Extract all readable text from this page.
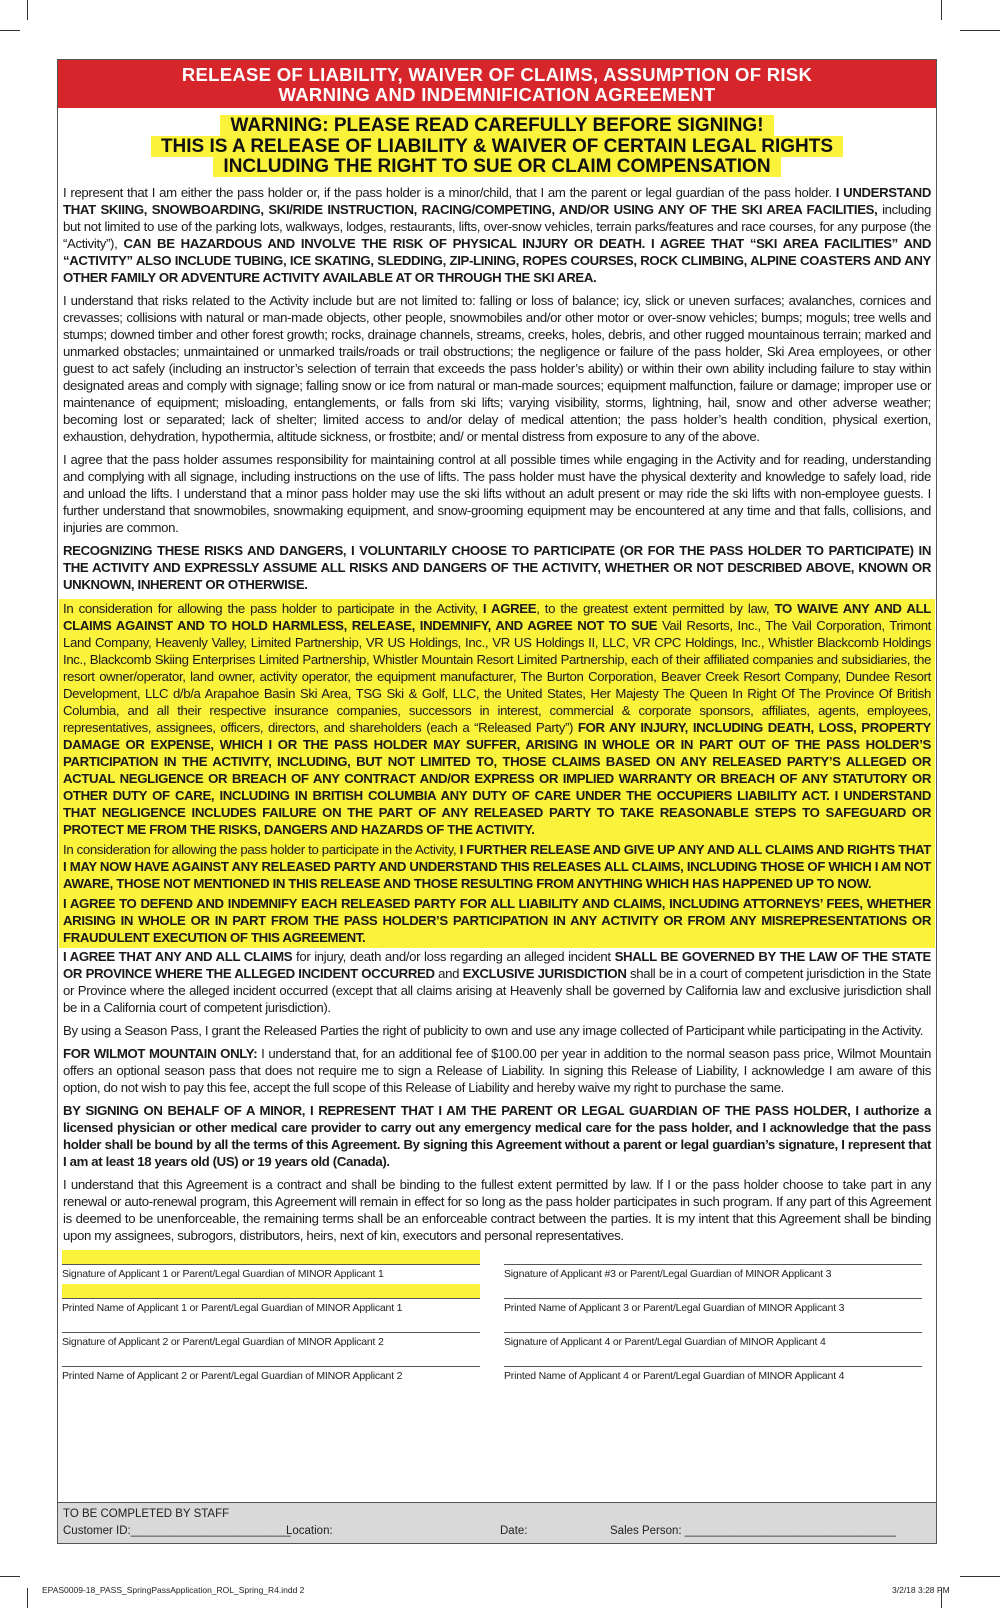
RELEASE OF LIABILITY, WAIVER OF CLAIMS, ASSUMPTION OF RISK
WARNING AND INDEMNIFICATION AGREEMENT
WARNING: PLEASE READ CAREFULLY BEFORE SIGNING!
THIS IS A RELEASE OF LIABILITY & WAIVER OF CERTAIN LEGAL RIGHTS
INCLUDING THE RIGHT TO SUE OR CLAIM COMPENSATION

I represent that I am either the pass holder or, if the pass holder is a minor/child, that I am the parent or legal guardian of the pass holder. I UNDERSTAND THAT SKIING, SNOWBOARDING, SKI/RIDE INSTRUCTION, RACING/COMPETING, AND/OR USING ANY OF THE SKI AREA FACILITIES, including but not limited to use of the parking lots, walkways, lodges, restaurants, lifts, over-snow vehicles, terrain parks/features and race courses, for any purpose (the “Activity”), CAN BE HAZARDOUS AND INVOLVE THE RISK OF PHYSICAL INJURY OR DEATH. I AGREE THAT “SKI AREA FACILITIES” AND “ACTIVITY” ALSO INCLUDE TUBING, ICE SKATING, SLEDDING, ZIP-LINING, ROPES COURSES, ROCK CLIMBING, ALPINE COASTERS AND ANY OTHER FAMILY OR ADVENTURE ACTIVITY AVAILABLE AT OR THROUGH THE SKI AREA.

I understand that risks related to the Activity include but are not limited to: falling or loss of balance; icy, slick or uneven surfaces; avalanches, cornices and crevasses; collisions with natural or man-made objects, other people, snowmobiles and/or other motor or over-snow vehicles; bumps; moguls; tree wells and stumps; downed timber and other forest growth; rocks, drainage channels, streams, creeks, holes, debris, and other rugged mountainous terrain; marked and unmarked obstacles; unmaintained or unmarked trails/roads or trail obstructions; the negligence or failure of the pass holder, Ski Area employees, or other guest to act safely (including an instructor’s selection of terrain that exceeds the pass holder’s ability) or within their own ability including failure to stay within designated areas and comply with signage; falling snow or ice from natural or man-made sources; equipment malfunction, failure or damage; improper use or maintenance of equipment; misloading, entanglements, or falls from ski lifts; varying visibility, storms, lightning, hail, snow and other adverse weather; becoming lost or separated; lack of shelter; limited access to and/or delay of medical attention; the pass holder’s health condition, physical exertion, exhaustion, dehydration, hypothermia, altitude sickness, or frostbite; and/ or mental distress from exposure to any of the above.

I agree that the pass holder assumes responsibility for maintaining control at all possible times while engaging in the Activity and for reading, understanding and complying with all signage, including instructions on the use of lifts. The pass holder must have the physical dexterity and knowledge to safely load, ride and unload the lifts. I understand that a minor pass holder may use the ski lifts without an adult present or may ride the ski lifts with non-employee guests. I further understand that snowmobiles, snowmaking equipment, and snow-grooming equipment may be encountered at any time and that falls, collisions, and injuries are common.

RECOGNIZING THESE RISKS AND DANGERS, I VOLUNTARILY CHOOSE TO PARTICIPATE (OR FOR THE PASS HOLDER TO PARTICIPATE) IN THE ACTIVITY AND EXPRESSLY ASSUME ALL RISKS AND DANGERS OF THE ACTIVITY, WHETHER OR NOT DESCRIBED ABOVE, KNOWN OR UNKNOWN, INHERENT OR OTHERWISE.

In consideration for allowing the pass holder to participate in the Activity, I AGREE, to the greatest extent permitted by law, TO WAIVE ANY AND ALL CLAIMS AGAINST AND TO HOLD HARMLESS, RELEASE, INDEMNIFY, AND AGREE NOT TO SUE Vail Resorts, Inc., The Vail Corporation, Trimont Land Company, Heavenly Valley, Limited Partnership, VR US Holdings, Inc., VR US Holdings II, LLC, VR CPC Holdings, Inc., Whistler Blackcomb Holdings Inc., Blackcomb Skiing Enterprises Limited Partnership, Whistler Mountain Resort Limited Partnership, each of their affiliated companies and subsidiaries, the resort owner/operator, land owner, activity operator, the equipment manufacturer, The Burton Corporation, Beaver Creek Resort Company, Dundee Resort Development, LLC d/b/a Arapahoe Basin Ski Area, TSG Ski & Golf, LLC, the United States, Her Majesty The Queen In Right Of The Province Of British Columbia, and all their respective insurance companies, successors in interest, commercial & corporate sponsors, affiliates, agents, employees, representatives, assignees, officers, directors, and shareholders (each a “Released Party”) FOR ANY INJURY, INCLUDING DEATH, LOSS, PROPERTY DAMAGE OR EXPENSE, WHICH I OR THE PASS HOLDER MAY SUFFER, ARISING IN WHOLE OR IN PART OUT OF THE PASS HOLDER’S PARTICIPATION IN THE ACTIVITY, INCLUDING, BUT NOT LIMITED TO, THOSE CLAIMS BASED ON ANY RELEASED PARTY’S ALLEGED OR ACTUAL NEGLIGENCE OR BREACH OF ANY CONTRACT AND/OR EXPRESS OR IMPLIED WARRANTY OR BREACH OF ANY STATUTORY OR OTHER DUTY OF CARE, INCLUDING IN BRITISH COLUMBIA ANY DUTY OF CARE UNDER THE OCCUPIERS LIABILITY ACT. I UNDERSTAND THAT NEGLIGENCE INCLUDES FAILURE ON THE PART OF ANY RELEASED PARTY TO TAKE REASONABLE STEPS TO SAFEGUARD OR PROTECT ME FROM THE RISKS, DANGERS AND HAZARDS OF THE ACTIVITY.

In consideration for allowing the pass holder to participate in the Activity, I FURTHER RELEASE AND GIVE UP ANY AND ALL CLAIMS AND RIGHTS THAT I MAY NOW HAVE AGAINST ANY RELEASED PARTY AND UNDERSTAND THIS RELEASES ALL CLAIMS, INCLUDING THOSE OF WHICH I AM NOT AWARE, THOSE NOT MENTIONED IN THIS RELEASE AND THOSE RESULTING FROM ANYTHING WHICH HAS HAPPENED UP TO NOW.

I AGREE TO DEFEND AND INDEMNIFY EACH RELEASED PARTY FOR ALL LIABILITY AND CLAIMS, INCLUDING ATTORNEYS’ FEES, WHETHER ARISING IN WHOLE OR IN PART FROM THE PASS HOLDER’S PARTICIPATION IN ANY ACTIVITY OR FROM ANY MISREPRESENTATIONS OR FRAUDULENT EXECUTION OF THIS AGREEMENT.

I AGREE THAT ANY AND ALL CLAIMS for injury, death and/or loss regarding an alleged incident SHALL BE GOVERNED BY THE LAW OF THE STATE OR PROVINCE WHERE THE ALLEGED INCIDENT OCCURRED and EXCLUSIVE JURISDICTION shall be in a court of competent jurisdiction in the State or Province where the alleged incident occurred (except that all claims arising at Heavenly shall be governed by California law and exclusive jurisdiction shall be in a California court of competent jurisdiction).

By using a Season Pass, I grant the Released Parties the right of publicity to own and use any image collected of Participant while participating in the Activity.

FOR WILMOT MOUNTAIN ONLY: I understand that, for an additional fee of $100.00 per year in addition to the normal season pass price, Wilmot Mountain offers an optional season pass that does not require me to sign a Release of Liability. In signing this Release of Liability, I acknowledge I am aware of this option, do not wish to pay this fee, accept the full scope of this Release of Liability and hereby waive my right to purchase the same.

BY SIGNING ON BEHALF OF A MINOR, I REPRESENT THAT I AM THE PARENT OR LEGAL GUARDIAN OF THE PASS HOLDER, I authorize a licensed physician or other medical care provider to carry out any emergency medical care for the pass holder, and I acknowledge that the pass holder shall be bound by all the terms of this Agreement. By signing this Agreement without a parent or legal guardian’s signature, I represent that I am at least 18 years old (US) or 19 years old (Canada).

I understand that this Agreement is a contract and shall be binding to the fullest extent permitted by law. If I or the pass holder choose to take part in any renewal or auto-renewal program, this Agreement will remain in effect for so long as the pass holder participates in such program. If any part of this Agreement is deemed to be unenforceable, the remaining terms shall be an enforceable contract between the parties. It is my intent that this Agreement shall be binding upon my assignees, subrogors, distributors, heirs, next of kin, executors and personal representatives.

Signature of Applicant 1 or Parent/Legal Guardian of MINOR Applicant 1
Printed Name of Applicant 1 or Parent/Legal Guardian of MINOR Applicant 1
Signature of Applicant 2 or Parent/Legal Guardian of MINOR Applicant 2
Printed Name of Applicant 2 or Parent/Legal Guardian of MINOR Applicant 2
Signature of Applicant #3 or Parent/Legal Guardian of MINOR Applicant 3
Printed Name of Applicant 3 or Parent/Legal Guardian of MINOR Applicant 3
Signature of Applicant 4 or Parent/Legal Guardian of MINOR Applicant 4
Printed Name of Applicant 4 or Parent/Legal Guardian of MINOR Applicant 4
TO BE COMPLETED BY STAFF
Customer ID:_________________________
Location:	Date:	Sales Person: _________________________________
EPAS0009-18_PASS_SpringPassApplication_ROL_Spring_R4.indd 2	3/2/18 3:28 PM
